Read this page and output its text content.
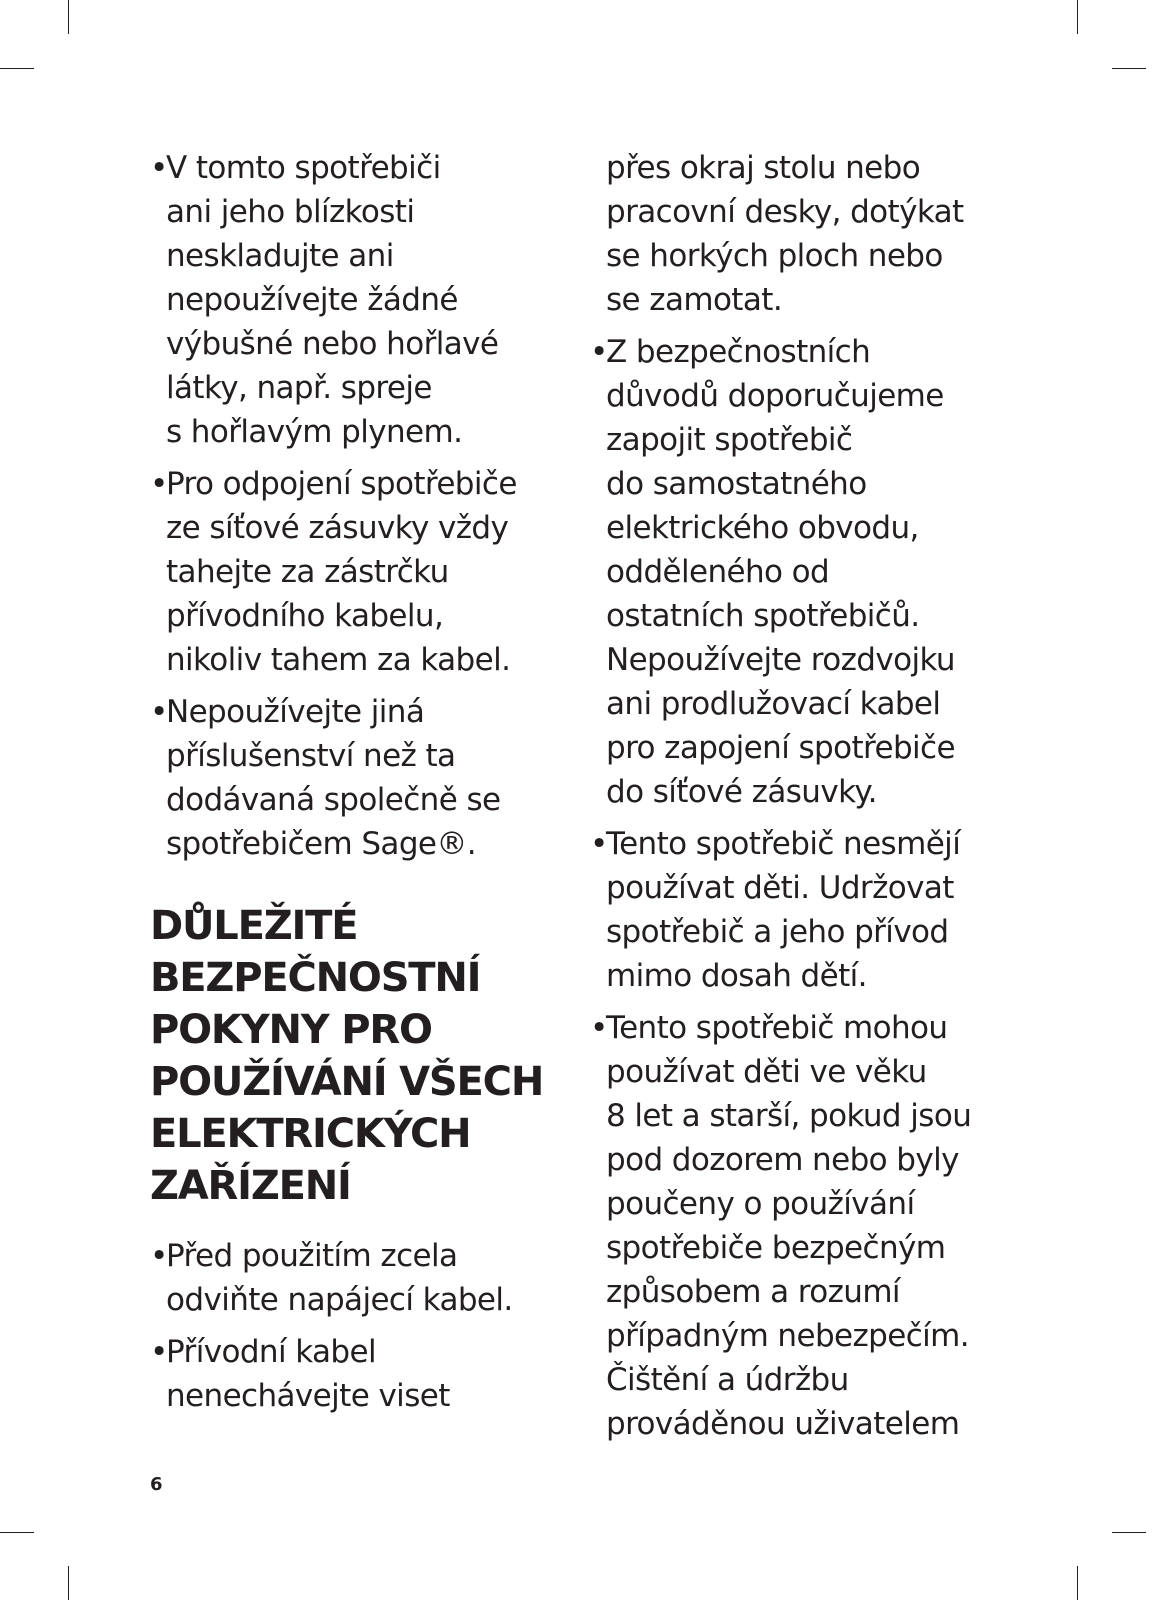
•
V tomto spotřebiči
ani jeho blízkosti
neskladujte ani
nepoužívejte žádné
výbušné nebo hořlavé
látky, např. spreje
s hořlavým plynem.
•
Pro odpojení spotřebiče
ze síťové zásuvky vždy
tahejte za zástrčku
přívodního kabelu,
nikoliv tahem za kabel.
•
Nepoužívejte jiná
příslušenství než ta
dodávaná společně se
spotřebičem Sage®.
DŮLEŽITÉ
BEZPEČNOSTNÍ
POKYNY PRO
POUŽÍVÁNÍ VŠECH
ELEKTRICKÝCH
ZAŘÍZENÍ
•
Před použitím zcela
odviňte napájecí kabel.
•
Přívodní kabel
nenechávejte viset

přes okraj stolu nebo
pracovní desky, dotýkat
se horkých ploch nebo
se zamotat.

•
Z bezpečnostních
důvodů doporučujeme
zapojit spotřebič
do samostatného
elektrického obvodu,
odděleného od
ostatních spotřebičů.
Nepoužívejte rozdvojku
ani prodlužovací kabel
pro zapojení spotřebiče
do síťové zásuvky.
•
Tento spotřebič nesmějí
používat děti. Udržovat
spotřebič a jeho přívod
mimo dosah dětí.
•
Tento spotřebič mohou
používat děti ve věku
8 let a starší, pokud jsou
pod dozorem nebo byly
poučeny o používání
spotřebiče bezpečným
způsobem a rozumí
případným nebezpečím.
Čištění a údržbu
prováděnou uživatelem
6
